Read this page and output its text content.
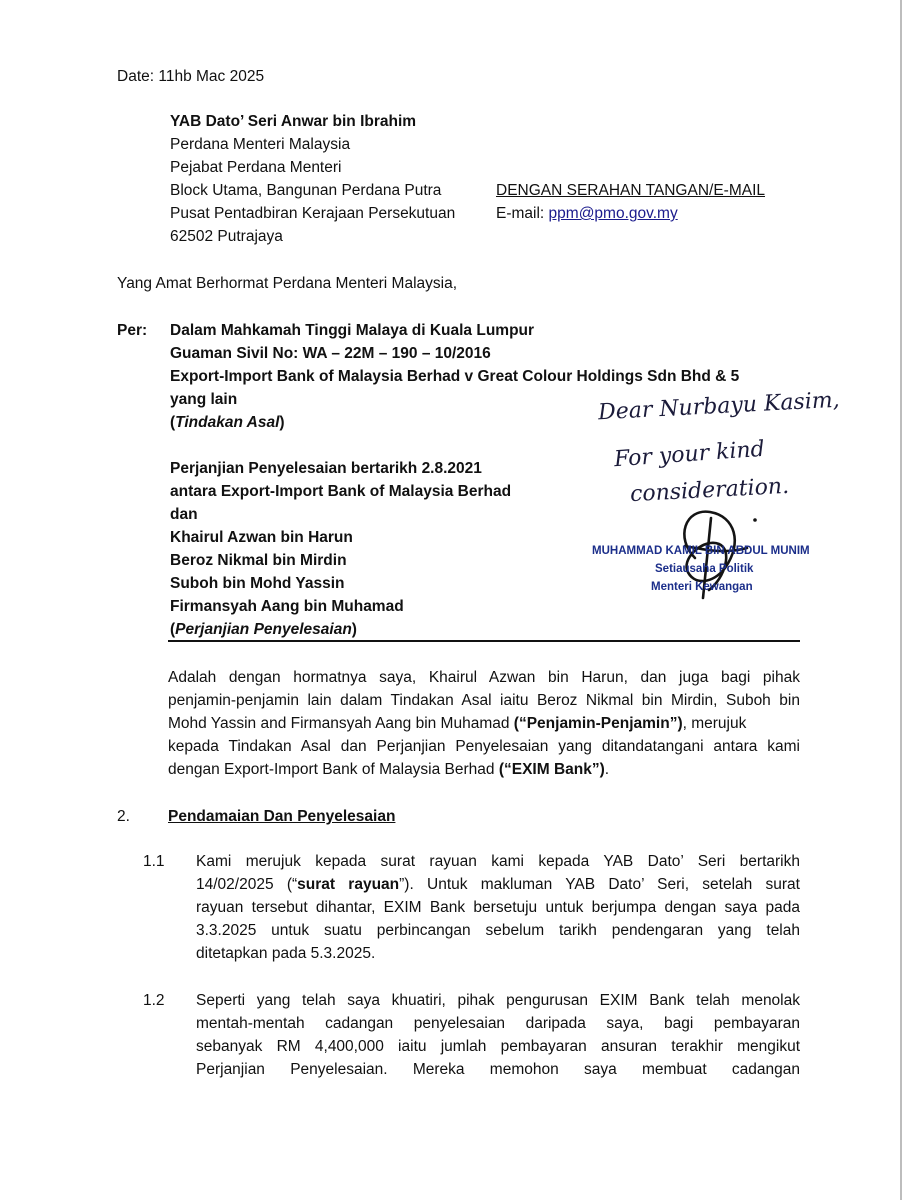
Date: 11hb Mac 2025
YAB Dato’ Seri Anwar bin Ibrahim
Perdana Menteri Malaysia
Pejabat Perdana Menteri
Block Utama, Bangunan Perdana Putra
Pusat Pentadbiran Kerajaan Persekutuan
62502 Putrajaya
DENGAN SERAHAN TANGAN/E-MAIL
E-mail: ppm@pmo.gov.my
Yang Amat Berhormat Perdana Menteri Malaysia,
Per: Dalam Mahkamah Tinggi Malaya di Kuala Lumpur
Guaman Sivil No: WA – 22M – 190 – 10/2016
Export-Import Bank of Malaysia Berhad v Great Colour Holdings Sdn Bhd & 5
yang lain
(Tindakan Asal)
Perjanjian Penyelesaian bertarikh 2.8.2021
antara Export-Import Bank of Malaysia Berhad
dan
Khairul Azwan bin Harun
Beroz Nikmal bin Mirdin
Suboh bin Mohd Yassin
Firmansyah Aang bin Muhamad
(Perjanjian Penyelesaian)
Dear Nurbayu Kasim,
For your kind
consideration.
MUHAMMAD KAMIL BIN ABDUL MUNIM
Setiausaha Politik
Menteri Kewangan
Adalah dengan hormatnya saya, Khairul Azwan bin Harun, dan juga bagi pihak
penjamin-penjamin lain dalam Tindakan Asal iaitu Beroz Nikmal bin Mirdin, Suboh bin
Mohd Yassin and Firmansyah Aang bin Muhamad (“Penjamin-Penjamin”), merujuk
kepada Tindakan Asal dan Perjanjian Penyelesaian yang ditandatangani antara kami
dengan Export-Import Bank of Malaysia Berhad (“EXIM Bank”).
2. Pendamaian Dan Penyelesaian
1.1 Kami merujuk kepada surat rayuan kami kepada YAB Dato’ Seri bertarikh
14/02/2025 (“surat rayuan”). Untuk makluman YAB Dato’ Seri, setelah surat
rayuan tersebut dihantar, EXIM Bank bersetuju untuk berjumpa dengan saya pada
3.3.2025 untuk suatu perbincangan sebelum tarikh pendengaran yang telah
ditetapkan pada 5.3.2025.
1.2 Seperti yang telah saya khuatiri, pihak pengurusan EXIM Bank telah menolak
mentah-mentah cadangan penyelesaian daripada saya, bagi pembayaran
sebanyak RM 4,400,000 iaitu jumlah pembayaran ansuran terakhir mengikut
Perjanjian Penyelesaian. Mereka memohon saya membuat cadangan
